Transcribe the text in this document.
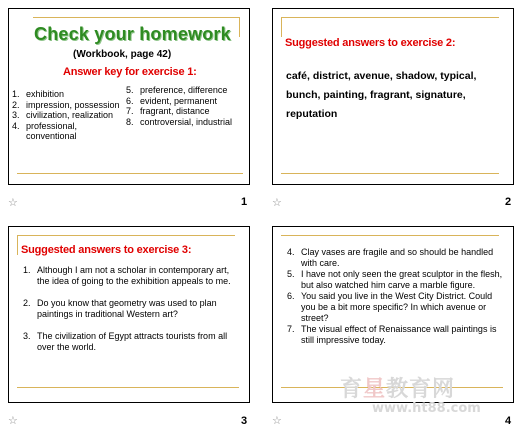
Check your homework
(Workbook, page 42)
Answer key for exercise 1:
1. exhibition
2. impression, possession
3. civilization, realization
4. professional, conventional
5. preference, difference
6. evident, permanent
7. fragrant, distance
8. controversial, industrial
☆	1
Suggested answers to exercise 2:
café, district, avenue, shadow, typical, bunch, painting, fragrant, signature, reputation
☆	2
Suggested answers to exercise 3:
1. Although I am not a scholar in contemporary art, the idea of going to the exhibition appeals to me.
2. Do you know that geometry was used to plan paintings in traditional Western art?
3. The civilization of Egypt attracts tourists from all over the world.
☆	3
4. Clay vases are fragile and so should be handled with care.
5. I have not only seen the great sculptor in the flesh, but also watched him carve a marble figure.
6. You said you live in the West City District. Could you be a bit more specific? In which avenue or street?
7. The visual effect of Renaissance wall paintings is still impressive today.
☆	4
育星教育网
www.ht88.com
